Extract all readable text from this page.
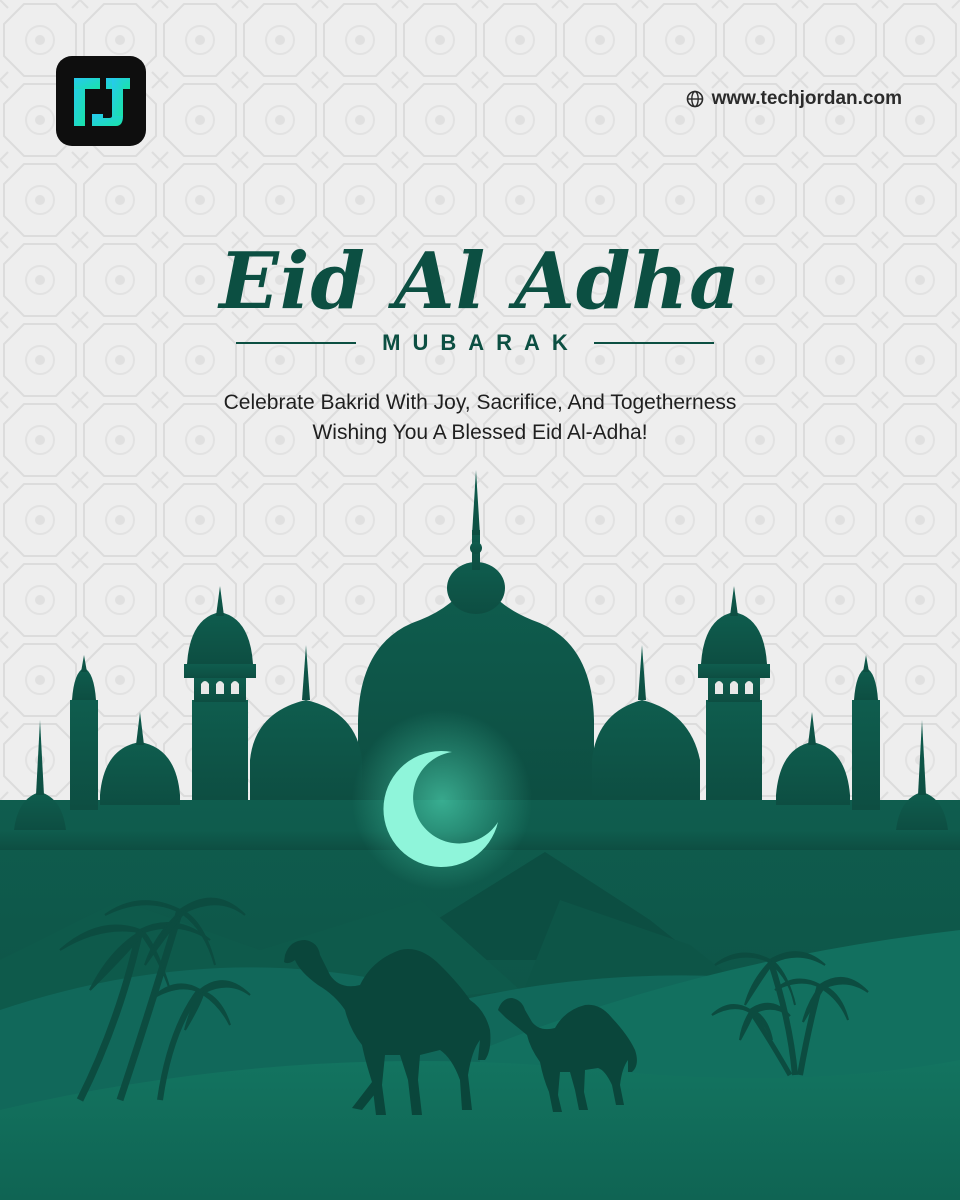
www.techjordan.com
Eid Al Adha
MUBARAK
Celebrate Bakrid With Joy, Sacrifice, And Togetherness
Wishing You A Blessed Eid Al-Adha!
